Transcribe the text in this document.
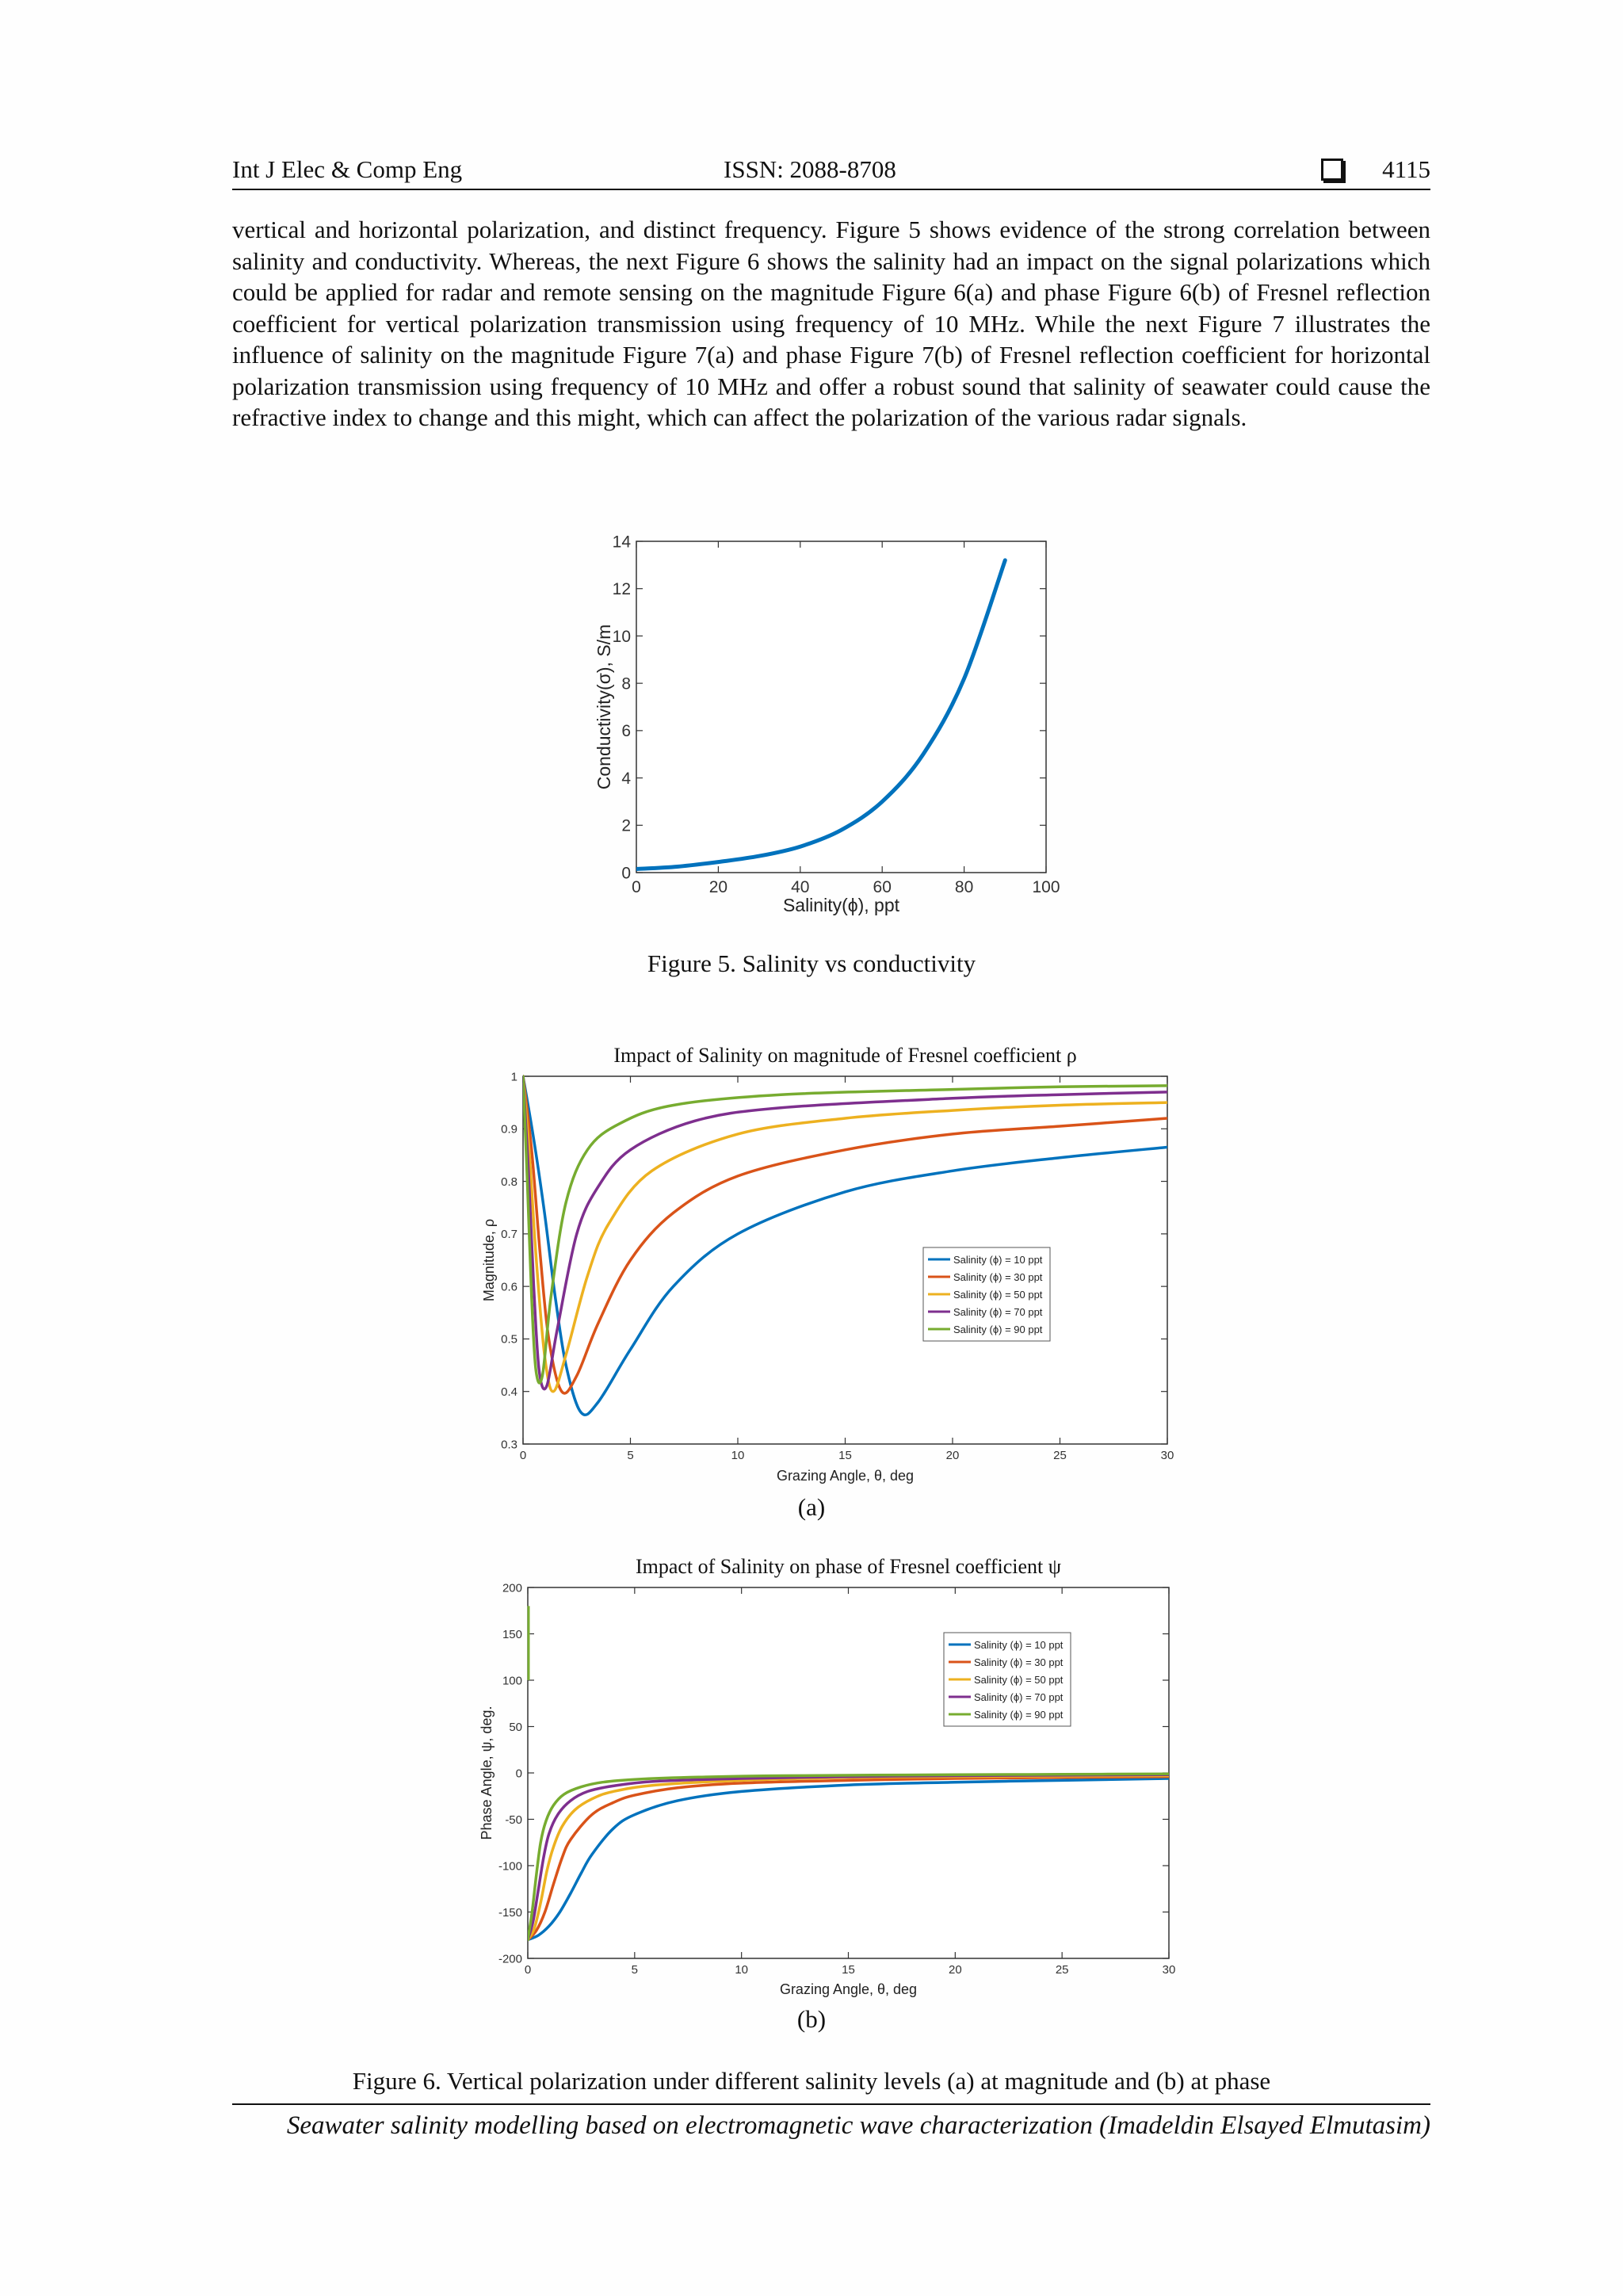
Int J Elec & Comp Eng	ISSN: 2088-8708	4115

vertical and horizontal polarization, and distinct frequency. Figure 5 shows evidence of the strong correlation between salinity and conductivity. Whereas, the next Figure 6 shows the salinity had an impact on the signal polarizations which could be applied for radar and remote sensing on the magnitude Figure 6(a) and phase Figure 6(b) of Fresnel reflection coefficient for vertical polarization transmission using frequency of 10 MHz. While the next Figure 7 illustrates the influence of salinity on the magnitude Figure 7(a) and phase Figure 7(b) of Fresnel reflection coefficient for horizontal polarization transmission using frequency of 10 MHz and offer a robust sound that salinity of seawater could cause the refractive index to change and this might, which can affect the polarization of the various radar signals.

0	20	40	60	80	100
0
2
4
6
8
10
12
14
Salinity(ϕ), ppt
Conductivity(σ), S/m
0	5	10	15	20	25	30
0.3
0.4
0.5
0.6
0.7
0.8
0.9
1
Impact of Salinity on magnitude of Fresnel coefficient ρ
Grazing Angle, θ, deg
Magnitude, ρ	Salinity (ϕ) = 10 ppt
Salinity (ϕ) = 30 ppt
Salinity (ϕ) = 50 ppt
Salinity (ϕ) = 70 ppt
Salinity (ϕ) = 90 ppt
0	5	10	15	20	25	30
-200
-150
-100
-50
0
50
100
150
200
Impact of Salinity on phase of Fresnel coefficient ψ
Grazing Angle, θ, deg
Phase Angle, ψ, deg.
Salinity (ϕ) = 10 ppt
Salinity (ϕ) = 30 ppt
Salinity (ϕ) = 50 ppt
Salinity (ϕ) = 70 ppt
Salinity (ϕ) = 90 ppt
Figure 5. Salinity vs conductivity
(a)
(b)
Figure 6. Vertical polarization under different salinity levels (a) at magnitude and (b) at phase
Seawater salinity modelling based on electromagnetic wave characterization (Imadeldin Elsayed Elmutasim)
